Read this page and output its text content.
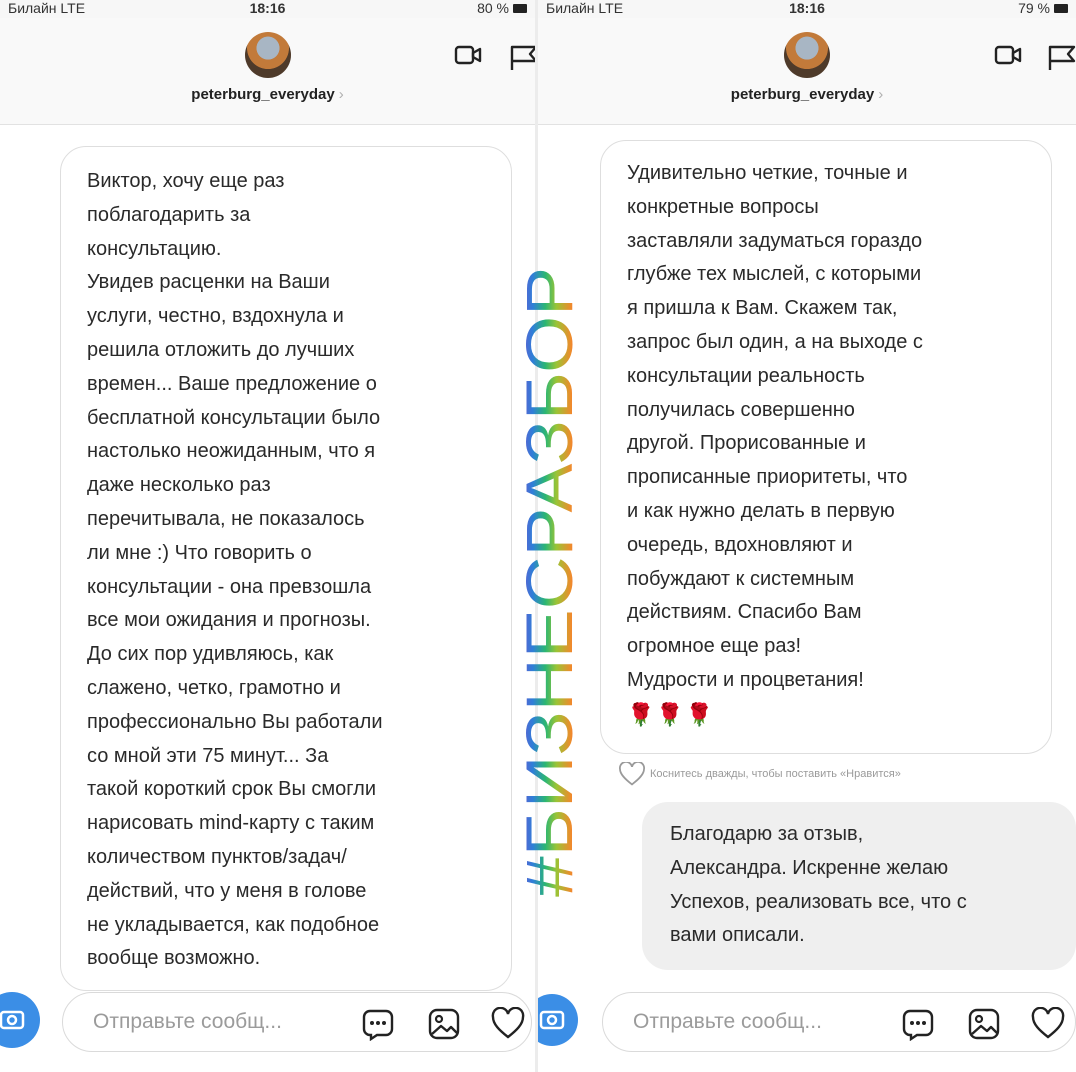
Билайн LTE	18:16	80 %
peterburg_everyday ›
Виктор, хочу еще раз
поблагодарить за
консультацию.
Увидев расценки на Ваши
услуги, честно, вздохнула и
решила отложить до лучших
времен... Ваше предложение о
бесплатной консультации было
настолько неожиданным, что я
даже несколько раз
перечитывала, не показалось
ли мне :) Что говорить о
консультации - она превзошла
все мои ожидания и прогнозы.
До сих пор удивляюсь, как
слажено, четко, грамотно и
профессионально Вы работали
со мной эти 75 минут... За
такой короткий срок Вы смогли
нарисовать mind-карту с таким
количеством пунктов/задач/
действий, что у меня в голове
не укладывается, как подобное
вообще возможно.
Отправьте сообщ...
Билайн LTE	18:16	79 %
peterburg_everyday ›
Отправьте сообщ...
Удивительно четкие, точные и
конкретные вопросы
заставляли задуматься гораздо
глубже тех мыслей, с которыми
я пришла к Вам. Скажем так,
запрос был один, а на выходе с
консультации реальность
получилась совершенно
другой. Прорисованные и
прописанные приоритеты, что
и как нужно делать в первую
очередь, вдохновляют и
побуждают к системным
действиям. Спасибо Вам
огромное еще раз!
Мудрости и процветания!
🌹🌹🌹
Коснитесь дважды, чтобы поставить «Нравится»
Благодарю за отзыв,
Александра. Искренне желаю
Успехов, реализовать все, что с
вами описали.
#БИЗНЕСРАЗБОР
